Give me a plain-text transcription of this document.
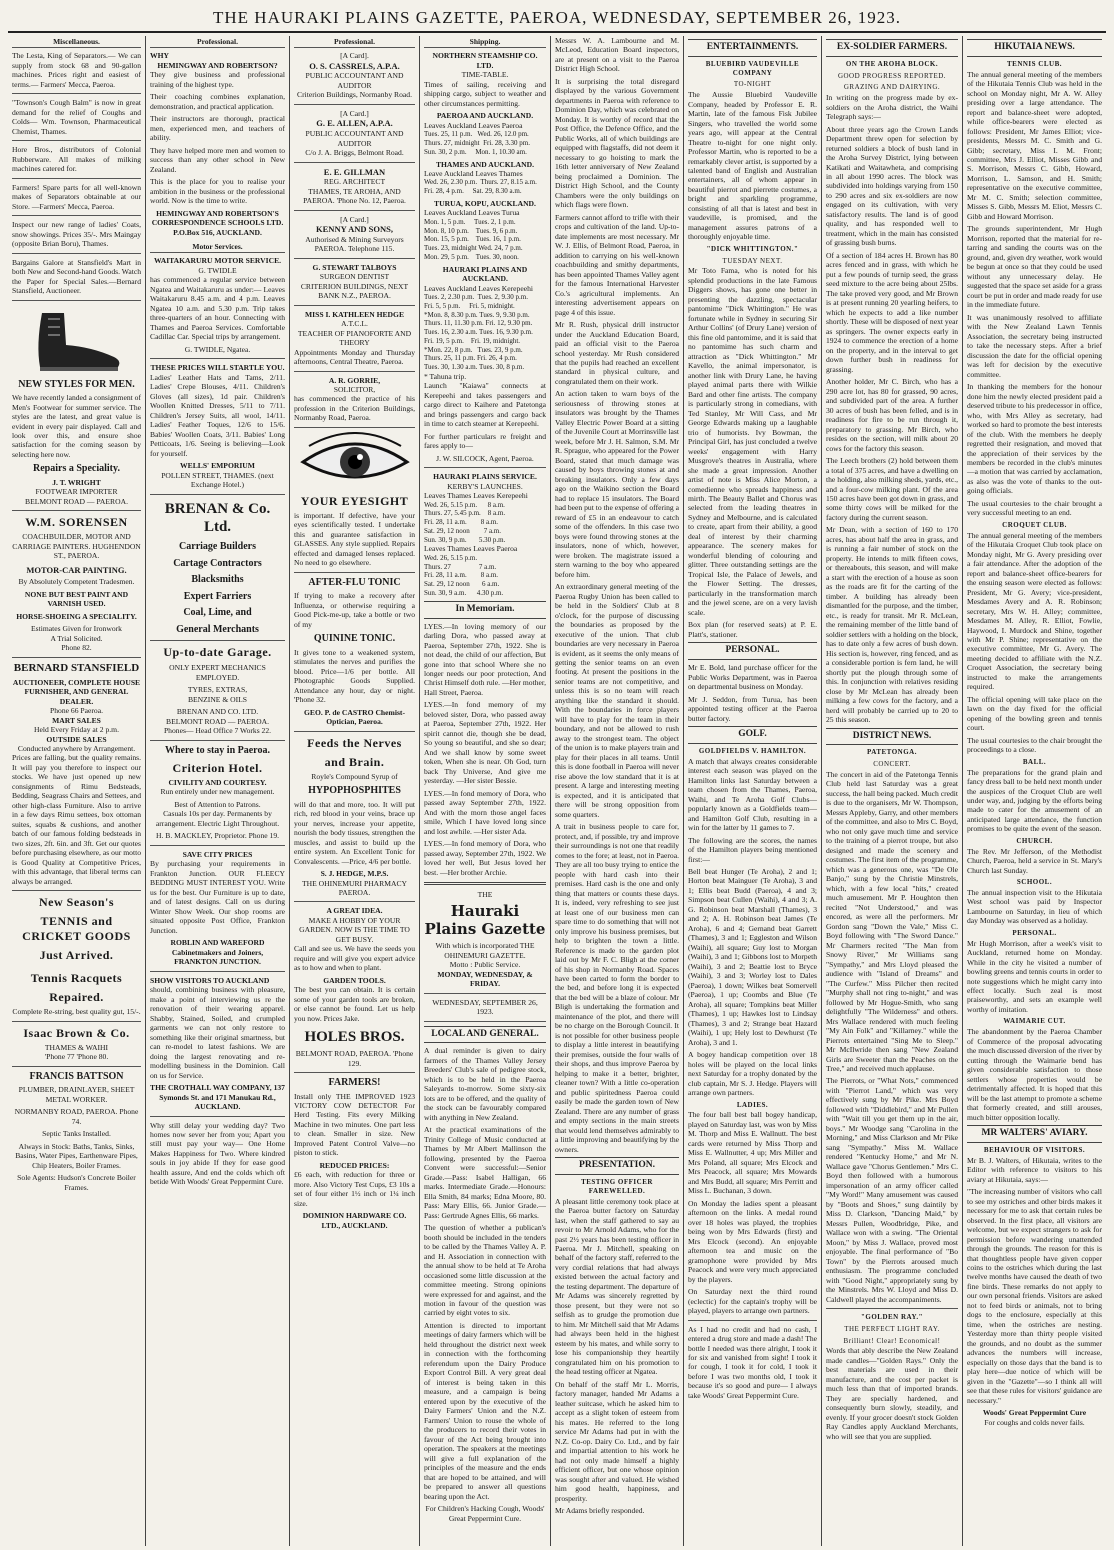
THE HAURAKI PLAINS GAZETTE, PAEROA, WEDNESDAY, SEPTEMBER 26, 1923.
Miscellaneous.

The Lesta, King of Separators.— We can supply from stock 68 and 90-gallon machines. Prices right and easiest of terms.— Farmers' Mecca, Paeroa.

"Townson's Cough Balm" is now in great demand for the relief of Coughs and Colds— Wm. Townson, Pharmaceutical Chemist, Thames.

Hore Bros., distributors of Colonial Rubberware. All makes of milking machines catered for.

Farmers! Spare parts for all well-known makes of Separators obtainable at our Store. —Farmers' Mecca, Paeroa.

Inspect our new range of ladies' Coats, snow showings. Prices 35/-. Mrs Maingay (opposite Brian Boru), Thames.

Bargains Galore at Stansfield's Mart in both New and Second-hand Goods. Watch the Paper for Special Sales.—Bernard Stansfield, Auctioneer.

NEW STYLES FOR MEN.

We have recently landed a consignment of Men's Footwear for summer service. The styles are the latest, and great value is evident in every pair displayed. Call and look over this, and ensure shoe satisfaction for the coming season by selecting here now.

Repairs a Speciality.
J. T. WRIGHT
FOOTWEAR IMPORTER
BELMONT ROAD — PAEROA.
W.M. SORENSEN
COACHBUILDER, MOTOR AND CARRIAGE PAINTERS. HUGHENDON ST., PAEROA.
MOTOR-CAR PAINTING.
By Absolutely Competent Tradesmen.
NONE BUT BEST PAINT AND VARNISH USED.
HORSE-SHOEING A SPECIALITY.
Estimates Given for Ironwork
A Trial Solicited.
Phone 82.
BERNARD STANSFIELD
AUCTIONEER, COMPLETE HOUSE FURNISHER, AND GENERAL DEALER.
Phone 66 Paeroa.
MART SALES
Held Every Friday at 2 p.m.
OUTSIDE SALES
Conducted anywhere by Arrangement.

Prices are falling, but the quality remains. It will pay you therefore to inspect our stocks. We have just opened up new consignments of Rimu Bedsteads, Bedding, Seagrass Chairs and Settees, and other high-class Furniture. Also to arrive in a few days Rimu settees, box ottoman suites, squabs & cushions, and another batch of our famous folding bedsteads in two sizes, 2ft. 6in. and 3ft. Get our quotes before purchasing elsewhere, as our motto is Good Quality at Competitive Prices, with this advantage, that liberal terms can always be arranged.

New Season's
TENNIS and CRICKET GOODS
Just Arrived.
Tennis Racquets
Repaired.
Complete Re-string, best quality gut, 15/-.
Isaac Brown & Co.
THAMES & WAIHI
'Phone 77 'Phone 80.
FRANCIS BATTSON
PLUMBER, DRAINLAYER, SHEET METAL WORKER.
NORMANBY ROAD, PAEROA. Phone 74.
Septic Tanks Installed.
Always in Stock: Baths, Tanks, Sinks, Basins, Water Pipes, Earthenware Pipes, Chip Heaters, Boiler Frames.
Sole Agents: Hudson's Concrete Boiler Frames.
Professional.
WHY
HEMINGWAY AND ROBERTSON?

They give business and professional training of the highest type.

Their coaching combines explanation, demonstration, and practical application.

Their instructors are thorough, practical men, experienced men, and teachers of ability.

They have helped more men and women to success than any other school in New Zealand.

This is the place for you to realise your ambition in the business or the professional world. Now is the time to write.

HEMINGWAY AND ROBERTSON'S CORRESPONDENCE SCHOOLS LTD. P.O.Box 516, AUCKLAND.
Motor Services.
WAITAKARURU MOTOR SERVICE.
G. TWIDLE

has commenced a regular service between Ngatea and Waitakaruru as under:— Leaves Waitakaruru 8.45 a.m. and 4 p.m. Leaves Ngatea 10 a.m. and 5.30 p.m. Trip takes three-quarters of an hour. Connecting with Thames and Paeroa Services. Comfortable Cadillac Car. Special trips by arrangement.

G. TWIDLE, Ngatea.
THESE PRICES WILL STARTLE YOU.

Ladies' Leather Hats and Tams, 2/11. Ladies' Crepe Blouses, 4/11. Children's Gloves (all sizes), 1d pair. Children's Woollen Knitted Dresses, 5/11 to 7/11. Children's Jersey Suits, all wool, 14/11. Ladies' Feather Toques, 12/6 to 15/6. Babies' Woollen Coats, 3/11. Babies' Long Petticoats, 1/6. Seeing is believing—Look for yourself.

WELLS' EMPORIUM
POLLEN STREET, THAMES. (next Exchange Hotel.)
BRENAN & Co. Ltd.
Carriage Builders
Cartage Contractors
Blacksmiths
Expert Farriers
Coal, Lime, and
General Merchants
Up-to-date Garage.
ONLY EXPERT MECHANICS EMPLOYED.
TYRES, EXTRAS,
BENZINE & OILS
BRENAN AND CO. LTD.
BELMONT ROAD — PAEROA.
Phones— Head Office 7 Works 22.
Where to stay in Paeroa.
Criterion Hotel.
CIVILITY AND COURTESY.
Run entirely under new management.
Best of Attention to Patrons.
Casuals 10s per day. Permanents by arrangement. Electric Light Throughout.
H. B. MACKLEY, Proprietor. Phone 19.
SAVE CITY PRICES

By purchasing your requirements in Frankton Junction. OUR FLEECY BEDDING MUST INTEREST YOU. Write us for the best. Our Furniture is up to date, and of latest designs. Call on us during Winter Show Week. Our shop rooms are situated opposite Post Office, Frankton Junction.

ROBLIN AND WAREFORD Cabinetmakers and Joiners, FRANKTON JUNCTION.
SHOW VISITORS TO AUCKLAND

should, combining business with pleasure, make a point of interviewing us re the renovation of their wearing apparel. Shabby, Stained, Soiled, and crumpled garments we can not only restore to something like their original smartness, but can re-model to latest fashions. We are doing the largest renovating and re-modelling business in the Dominion. Call on us for Service.

THE CROTHALL WAY COMPANY, 137 Symonds St. and 171 Manukau Rd., AUCKLAND.

Why still delay your wedding day? Two homes now sever her from you; Apart you still must pay your way— One Home Makes Happiness for Two. Where kindred souls in joy abide If they for ease good health assure, And end the colds which oft betide With Woods' Great Peppermint Cure.

Professional.
[A Card].
O. S. CASSRELS, A.P.A.
PUBLIC ACCOUNTANT AND AUDITOR
Criterion Buildings, Normanby Road.
[A Card.]
G. E. ALLEN, A.P.A.
PUBLIC ACCOUNTANT AND AUDITOR
C/o J. A. Briggs, Belmont Road.
E. E. GILLMAN
REG. ARCHITECT
THAMES, TE AROHA, AND PAEROA. 'Phone No. 12, Paeroa.
[A Card.]
KENNY AND SONS,
Authorised & Mining Surveyors PAEROA. Telephone 115.
G. STEWART TALBOYS
SURGEON DENTIST
CRITERION BUILDINGS, NEXT BANK N.Z., PAEROA.
MISS I. KATHLEEN HEDGE
A.T.C.L.
TEACHER OF PIANOFORTE AND THEORY

Appointments Monday and Thursday afternoons, Central Theatre, Paeroa.

A. R. GORRIE,
SOLICITOR,

has commenced the practice of his profession in the Criterion Buildings, Normanby Road, Paeroa.

YOUR EYESIGHT

is important. If defective, have your eyes scientifically tested. I undertake this and guarantee satisfaction in GLASSES. Any style supplied. Repairs effected and damaged lenses replaced. No need to go elsewhere.

AFTER-FLU TONIC

If trying to make a recovery after Influenza, or otherwise requiring a Good Pick-me-up, take a bottle or two of my

QUININE TONIC.

It gives tone to a weakened system, stimulates the nerves and purifies the blood. Price—1/6 per bottle. All Photographic Goods Supplied. Attendance any hour, day or night. 'Phone 32.

GEO. P. de CASTRO Chemist-Optician, Paeroa.
Feeds the Nerves
and Brain.
Royle's Compound Syrup of
HYPOPHOSPHITES

will do that and more, too. It will put rich, red blood in your veins, brace up your nerves, increase your appetite, nourish the body tissues, strengthen the muscles, and assist to build up the entire system. An Excellent Tonic for Convalescents. —Price, 4/6 per bottle.

S. J. HEDGE, M.P.S.
THE OHINEMURI PHARMACY PAEROA.
A GREAT IDEA.
MAKE A HOBBY OF YOUR GARDEN. NOW IS THE TIME TO GET BUSY.

Call and see us. We have the seeds you require and will give you expert advice as to how and when to plant.

GARDEN TOOLS.

The best you can obtain. It is certain some of your garden tools are broken, or else cannot be found. Let us help you now. Prices Jake.

HOLES BROS.
BELMONT ROAD, PAEROA. 'Phone 129.
FARMERS!

Install only THE IMPROVED 1923 VICTORY COW DETECTOR For Herd Testing. Fits every Milking Machine in two minutes. One part less to clean. Smaller in size. New Improved Patent Control Valve—no piston to stick.

REDUCED PRICES:

£6 each, with reduction for three or more. Also Victory Test Cups, £3 10s a set of four either 1½ inch or 1¼ inch size.

DOMINION HARDWARE CO. LTD., AUCKLAND.
Shipping.
NORTHERN STEAMSHIP CO. LTD.
TIME-TABLE.

Times of sailing, receiving and shipping cargo, subject to weather and other circumstances permitting.

PAEROA AND AUCKLAND.
Leaves Auckland Leaves Paeroa
Tues. 25, 11 p.m.   Wed. 26, 12.0 pm.
Thurs. 27, midnight  Fri. 28, 3.30 pm.
Sun. 30, 2 p.m.     Mon. 1, 10.30 am.
THAMES AND AUCKLAND.
Leave Auckland Leaves Thames
Wed. 26, 2.30 p.m.  Thurs. 27, 8.15 a.m.
Fri. 28, 4 p.m.     Sat. 29, 8.30 a.m.
TURUA, KOPU, AUCKLAND.
Leaves Auckland Leaves Turua
Mon. 1, 5 p.m.     Tues. 2, 1 p.m.
Mon. 8, 10 p.m.    Tues. 9, 6 p.m.
Mon. 15, 5 p.m.    Tues. 16, 1 p.m.
Tues. 23, midnight Wed. 24, 7 p.m.
Mon. 29, 5 p.m.    Tues. 30, noon.
HAURAKI PLAINS AND AUCKLAND.
Leaves Auckland Leaves Kerepeehi
Tues. 2, 2.30 p.m.  Tues. 2, 9.30 p.m.
Fri. 5, 5 p.m.     Fri. 5, midnight.
*Mon. 8, 8.30 p.m. Tues. 9, 9.30 p.m.
Thurs. 11, 11.30 p.m. Fri. 12, 9.30 pm.
Tues. 16, 2.30 a.m. Tues. 16, 9.30 p.m.
Fri. 19, 5 p.m.    Fri. 19, midnight.
*Mon. 22, 8 p.m.   Tues. 23, 9 p.m.
Thurs. 25, 11 p.m. Fri. 26, 4 p.m.
Tues. 30, 1.30 a.m. Tues. 30, 8 p.m.
* Tahuna trip.

Launch "Kaiawa" connects at Kerepeehi and takes passengers and cargo direct to Kaihere and Patetonga and brings passengers and cargo back in time to catch steamer at Kerepeehi.

For further particulars re freight and fares apply to—

J. W. SILCOCK, Agent, Paeroa.
HAURAKI PLAINS SERVICE.
KERBY'S LAUNCHES.
Leaves Thames Leaves Kerepeehi
Wed. 26, 5.15 p.m.      8 a.m.
Thurs. 27, 5.45 p.m.    8 a.m.
Fri. 28, 11 a.m.        8 a.m.
Sat. 29, 12 noon        7 a.m.
Sun. 30, 9 p.m.       5.30 p.m.
Leaves Thames Leaves Paeroa
Wed. 26, 5.15 p.m.
Thurs. 27                7 a.m.
Fri. 28, 11 a.m.        8 a.m.
Sat. 29, 12 noon       6 a.m.
Sun. 30, 9 a.m.      4.30 p.m.
In Memoriam.

LYES.—In loving memory of our darling Dora, who passed away at Paeroa, September 27th, 1922. She is not dead, the child of our affection, But gone into that school Where she no longer needs our poor protection, And Christ Himself doth rule. —Her mother, Hall Street, Paeroa.

LYES.—In fond memory of my beloved sister, Dora, who passed away at Paeroa, September 27th, 1922. Her spirit cannot die, though she be dead, So young so beautiful, and she so dear; And we shall know by some sweet token, When she is near. Oh God, turn back Thy Universe, And give me yesterday. —Her sister Bessie.

LYES.—In fond memory of Dora, who passed away September 27th, 1922. And with the morn those angel faces smile, Which I have loved long since and lost awhile. —Her sister Ada.

LYES.—In fond memory of Dora, who passed away, September 27th, 1922. We loved her well, But Jesus loved her best. —Her brother Archie.

THE
Hauraki Plains Gazette
With which is incorporated THE OHINEMURI GAZETTE.
Motto : Public Service.
MONDAY, WEDNESDAY, & FRIDAY.
WEDNESDAY, SEPTEMBER 26, 1923.
LOCAL AND GENERAL.

A dual reminder is given to dairy farmers of the Thames Valley Jersey Breeders' Club's sale of pedigree stock, which is to be held in the Paeroa Saleyards to-morrow. Some sixty-six lots are to be offered, and the quality of the stock can be favourably compared with anything in New Zealand.

At the practical examinations of the Trinity College of Music conducted at Thames by Mr Albert Mallinson the following, presented by the Paeroa Convent were successful:—Senior Grade.—Pass: Isabel Halligan, 66 marks. Intermediate Grade.—Honours: Ella Smith, 84 marks; Edna Moore, 80. Pass: Mary Ellis, 66. Junior Grade.—Pass: Gertrude Agnes Ellis, 66 marks.

The question of whether a publican's booth should be included in the tenders to be called by the Thames Valley A. P. and H. Association in connection with the annual show to be held at Te Aroha occasioned some little discussion at the committee meeting. Strong opinions were expressed for and against, and the motion in favour of the question was carried by eight votes to six.

Attention is directed to important meetings of dairy farmers which will be held throughout the district next week in connection with the forthcoming referendum upon the Dairy Produce Export Control Bill. A very great deal of interest is being taken in this measure, and a campaign is being entered upon by the executive of the Dairy Farmers' Union and the N.Z. Farmers' Union to rouse the whole of the producers to record their votes in favour of the Act being brought into operation. The speakers at the meetings will give a full explanation of the principles of the measure and the ends that are hoped to be attained, and will be prepared to answer all questions bearing upon the Act.

For Children's Hacking Cough, Woods' Great Peppermint Cure.

Messrs W. A. Lambourne and M. McLeod, Education Board inspectors, are at present on a visit to the Paeroa District High School.

It is surprising the total disregard displayed by the various Government departments in Paeroa with reference to Dominion Day, which was celebrated on Monday. It is worthy of record that the Post Office, the Defence Office, and the Public Works, all of which buildings are equipped with flagstaffs, did not deem it necessary to go hoisting to mark the 16th letter anniversary of New Zealand being proclaimed a Dominion. The District High School, and the County Chambers were the only buildings on which flags were flown.

Farmers cannot afford to trifle with their crops and cultivation of the land. Up-to-date implements are most necessary. Mr W. J. Ellis, of Belmont Road, Paeroa, in addition to carrying on his well-known coachbuilding and smithy departments, has been appointed Thames Valley agent for the famous International Harvester Co.'s agricultural implements. An interesting advertisement appears on page 4 of this issue.

Mr R. Rush, physical drill instructor under the Auckland Education Board, paid an official visit to the Paeroa school yesterday. Mr Rush considered that the pupils had reached an excellent standard in physical culture, and congratulated them on their work.

An action taken to warn boys of the seriousness of throwing stones at insulators was brought by the Thames Valley Electric Power Board at a sitting of the Juvenile Court at Morrinsville last week, before Mr J. H. Salmon, S.M. Mr R. Sprague, who appeared for the Power Board, stated that much damage was caused by boys throwing stones at and breaking insulators. Only a few days ago on the Waikino section the Board had to replace 15 insulators. The Board had been put to the expense of offering a reward of £5 in an endeavour to catch some of the offenders. In this case two boys were found throwing stones at the insulators, none of which, however, were broken. The magistrate issued a stern warning to the boy who appeared before him.

An extraordinary general meeting of the Paeroa Rugby Union has been called to be held in the Soldiers' Club at 8 o'clock, for the purpose of discussing the boundaries as proposed by the executive of the union. That club boundaries are very necessary in Paeroa is evident, as it seems the only means of getting the senior teams on an even footing. At present the positions in the senior teams are not competitive, and unless this is so no team will reach anything like the standard it should. With the boundaries in force players will have to play for the team in their boundary, and not be allowed to rush away to the strongest team. The object of the union is to make players train and play for their places in all teams. Until this is done football in Paeroa will never rise above the low standard that it is at present. A large and interesting meeting is expected, and it is anticipated that there will be strong opposition from some quarters.

A trait in business people to care for, protect, and, if possible, try and improve their surroundings is not one that readily comes to the fore; at least, not in Paeroa. They are all too busy trying to entice the people with hard cash into their premises. Hard cash is the one and only thing that matters or counts these days. It is, indeed, very refreshing to see just at least one of our business men can spare time to do something that will not only improve his business premises, but help to brighten the town a little. Reference is made to the garden plot laid out by Mr F. C. Bligh at the corner of his shop in Normanby Road. Spaces have been carted to form the border to the bed, and before long it is expected that the bed will be a blaze of colour. Mr Bligh is undertaking the formation and maintenance of the plot, and there will be no charge on the Borough Council. It is not possible for other business people to display a little interest in beautifying their premises, outside the four walls of their shops, and thus improve Paeroa by helping to make it a better, brighter, cleaner town? With a little co-operation and public spiritedness Paeroa could easily be made the garden town of New Zealand. There are any number of grass and empty sections in the main streets that would lend themselves admirably to a little improving and beautifying by the owners.

PRESENTATION.
TESTING OFFICER FAREWELLED.

A pleasant little ceremony took place at the Paeroa butter factory on Saturday last, when the staff gathered to say au revoir to Mr Arnold Adams, who for the past 2½ years has been testing officer in Paeroa. Mr J. Mitchell, speaking on behalf of the factory staff, referred to the very cordial relations that had always existed between the actual factory and the testing department. The departure of Mr Adams was sincerely regretted by those present, but they were not so selfish as to grudge the promotion due to him. Mr Mitchell said that Mr Adams had always been held in the highest esteem by his mates, and while sorry to lose his companionship they heartily congratulated him on his promotion to the head testing officer at Ngatea.

On behalf of the staff Mr L. Morris, factory manager, handed Mr Adams a leather suitcase, which he asked him to accept as a slight token of esteem from his mates. He referred to the long service Mr Adams had put in with the N.Z. Co-op. Dairy Co. Ltd., and by fair and impartial attention to his work he had not only made himself a highly efficient officer, but one whose opinion was sought after and valued. He wished him good health, happiness, and prosperity.

Mr Adams briefly responded.

ENTERTAINMENTS.
BLUEBIRD VAUDEVILLE COMPANY
TO-NIGHT

The Aussie Bluebird Vaudeville Company, headed by Professor E. R. Martin, late of the famous Fisk Jubilee Singers, who travelled the world some years ago, will appear at the Central Theatre to-night for one night only. Professor Martin, who is reported to be a remarkably clever artist, is supported by a talented band of English and Australian entertainers, all of whom appear in beautiful pierrot and pierrette costumes, a bright and sparkling programme, consisting of all that is latest and best in vaudeville, is promised, and the management assures patrons of a thoroughly enjoyable time.

"DICK WHITTINGTON."
TUESDAY NEXT.

Mr Toto Fama, who is noted for his splendid productions in the late Famous Diggers shows, has gone one better in presenting the dazzling, spectacular pantomime "Dick Whittington." He was fortunate while in Sydney in securing Sir Arthur Collins' (of Drury Lane) version of this fine old pantomime, and it is said that no pantomime has such charm and attraction as "Dick Whittington." Mr Kavello, the animal impersonator, is another link with Drury Lane, he having played animal parts there with Wilkie Bard and other fine artists. The company is particularly strong in comedians, with Ted Stanley, Mr Will Cass, and Mr George Edwards making up a laughable trio of humorists. Ivy Bowman, the Principal Girl, has just concluded a twelve weeks' engagement with Harry Musgrove's theatres in Australia, where she made a great impression. Another artist of note is Miss Alice Morton, a comedienne who spreads happiness and mirth. The Beauty Ballet and Chorus was selected from the leading theatres in Sydney and Melbourne, and is calculated to create, apart from their ability, a good deal of interest by their charming appearance. The scenery makes for wonderful blending of colouring and glitter. Three outstanding settings are the Tropical Isle, the Palace of Jewels, and the Flower Setting. The dresses, particularly in the transformation march and the jewel scene, are on a very lavish scale.

Box plan (for reserved seats) at P. E. Platt's, stationer.

PERSONAL.

Mr E. Bold, land purchase officer for the Public Works Department, was in Paeroa on departmental business on Monday.

Mr J. Seddon, from Turua, has been appointed testing officer at the Paeroa butter factory.

GOLF.
GOLDFIELDS V. HAMILTON.

A match that always creates considerable interest each season was played on the Hamilton links last Saturday between a team chosen from the Thames, Paeroa, Waihi, and Te Aroha Golf Clubs—popularly known as a Goldfields team—and Hamilton Golf Club, resulting in a win for the latter by 11 games to 7.

The following are the scores, the names of the Hamilton players being mentioned first:—

Bell beat Hunger (Te Aroha), 2 and 1; Horton beat Mainguer (Te Aroha), 3 and 1; Ellis beat Budd (Paeroa), 4 and 3; Simpson beat Cullen (Waihi), 4 and 3; A. G. Robinson beat Marshall (Thames), 3 and 2; A. H. Robinson beat James (Te Aroha), 6 and 4; Gernand beat Garrett (Thames), 3 and 1; Eggleston and Wilson (Waihi), all square; Guy lost to Morgan (Waihi), 3 and 1; Gibbons lost to Morpeth (Waihi), 3 and 2; Beattie lost to Bryce (Waihi), 3 and 3; Worley lost to Dales (Paeroa), 1 down; Wilkes beat Somervell (Paeroa), 1 up; Coombs and Blue (Te Aroha), all square; Tompkins beat Miller (Thames), 1 up; Hawkes lost to Lindsay (Thames), 3 and 2; Strange beat Hazard (Waihi), 1 up; Hely lost to Dewhurst (Te Aroha), 3 and 1.

A bogey handicap competition over 18 holes will be played on the local links next Saturday for a trophy donated by the club captain, Mr S. J. Hedge. Players will arrange own partners.

LADIES.

The four ball best ball bogey handicap, played on Saturday last, was won by Miss M. Thorp and Miss E. Wallnutt. The best cards were returned by Miss Thorp and Miss E. Wallnutter, 4 up; Mrs Miller and Mrs Poland, all square; Mrs Elcock and Mrs Peacock, all square; Mrs Mowards and Mrs Budd, all square; Mrs Perritt and Miss L. Buchanan, 3 down.

On Monday the ladies spent a pleasant afternoon on the links. A medal round over 18 holes was played, the trophies being won by Mrs Edwards (first) and Mrs Elcock (second). An enjoyable afternoon tea and music on the gramophone were provided by Mrs Peacock and were very much appreciated by the players.

On Saturday next the third round (eclectic) for the captain's trophy will be played, players to arrange own partners.

As I had no credit and had no cash, I entered a drug store and made a dash! The bottle I needed was there alright, I took it for six and vanished from sight! I took it for cough, I took it for cold, I took it before I was two months old, I took it because it's so good and pure— I always take Woods' Great Peppermint Cure.

EX-SOLDIER FARMERS.
ON THE AROHA BLOCK.
GOOD PROGRESS REPORTED.
GRAZING AND DAIRYING.

In writing on the progress made by ex-soldiers on the Aroha district, the Waihi Telegraph says:—

About three years ago the Crown Lands Department threw open for selection by returned soldiers a block of bush land in the Aroha Survey District, lying between Katikati and Waitawheta, and comprising in all about 1990 acres. The block was subdivided into holdings varying from 150 to 290 acres and six ex-soldiers are now engaged on its cultivation, with very satisfactory results. The land is of good quality, and has responded well to treatment, which in the main has consisted of grassing bush burns.

Of a section of 184 acres H. Brown has 80 acres fenced and in grass, with which he put a few pounds of turnip seed, the grass seed mixture to the acre being about 25lbs. The take proved very good, and Mr Brown is at present running 20 yearling heifers, to which he expects to add a like number shortly. These will be disposed of next year as springers. The owner expects early in 1924 to commence the erection of a home on the property, and in the interval to get down further bush in readiness for grassing.

Another holder, Mr C. Birch, who has a 290 acre lot, has 80 for grassed, 90 acres, and subdivided part of the area. A further 30 acres of bush has been felled, and is in readiness for fire to be run through it, preparatory to grassing. Mr Birch, who resides on the section, will milk about 20 cows for the factory this season.

The Leech brothers (2) hold between them a total of 375 acres, and have a dwelling on the holding, also milking sheds, yards, etc., and a four-cow milking plant. Of the area 150 acres have been got down in grass, and some thirty cows will be milked for the factory during the current season.

Mr Dean, with a section of 160 to 170 acres, has about half the area in grass, and is running a fair number of stock on the property. He intends to milk fifteen cows, or thereabouts, this season, and will make a start with the erection of a house as soon as the roads are fit for the carting of the timber. A building has already been dismantled for the purpose, and the timber, etc., is ready for transit. Mr R. McLean, the remaining member of the little band of soldier settlers with a holding on the block, has to date only a few acres of bush down. His section is, however, ring fenced, and as a considerable portion is fern land, he will shortly put the plough through some of this. In conjunction with relatives residing close by Mr McLean has already been milking a few cows for the factory, and a herd will probably be carried up to 20 to 25 this season.

DISTRICT NEWS.
PATETONGA.
CONCERT.

The concert in aid of the Patetonga Tennis Club held last Saturday was a great success, the hall being packed. Much credit is due to the organisers, Mr W. Thompson, Messrs Appleby, Garry, and other members of the committee, and also to Mrs C. Boyd, who not only gave much time and service to the training of a pierrot troupe, but also designed and made the scenery and costumes. The first item of the programme, which was a generous one, was "De Ole Banjo," sung by the Christie Minstrels, which, with a few local "hits," created much amusement. Mr P. Houghton then recited "Not Understood," and was encored, as were all the performers. Mr Gordon sang "Down the Vale," Miss C. Boyd following with "The Sword Dance." Mr Charmers recited "The Man from Snowy River," Mr Williams sang "Sympathy," and Mrs Lloyd pleased the audience with "Island of Dreams" and "The Curfew." Miss Pilcher then recited "Murphy shall not ring to-night," and was followed by Mr Hogue-Smith, who sang delightfully "The Wilderness" and others. Mrs Wallace rendered with much feeling "My Ain Folk" and "Killarney." while the Pierrots entertained "Sing Me to Sleep." Mr McIlwride then sang "New Zealand Girls are Sweeter than the Peaches on the Tree," and received much applause.

The Pierrots, or "What Nots," commenced with "Pierrot Land," which was very effectively sung by Mr Pike. Mrs Boyd followed with "Diddlebird," and Mr Pullen with "Wait till you get them up in the air, boys." Mr Woodge sang "Carolina in the Morning," and Miss Clarkson and Mr Pike sang "Sympathy." Miss M. Wallace rendered "Kentucky Home," and Mr N. Wallace gave "Chorus Gentlemen." Mrs C. Boyd then followed with a humorous impersonation of an army officer called "My Word!" Many amusement was caused by "Boots and Shoes," sung daintily by Miss D. Clarkson, "Dancing Maid," by Messrs Pullen, Woodbridge, Pike, and Wallace won with a swing. "The Oriental Moon," by Miss J. Wallace, proved most enjoyable. The final performance of "Bo Town" by the Pierrots aroused much enthusiasm. The programme concluded with "Good Night," appropriately sung by the Minstrels. Mrs W. Lloyd and Miss D. Caldwell played the accompaniments.

"GOLDEN RAY."
THE PERFECT LIGHT RAY.
Brilliant! Clear! Economical!

Words that ably describe the New Zealand made candles—"Golden Rays." Only the best materials are used in their manufacture, and the cost per packet is much less than that of imported brands. They are specially hardened, and consequently burn slowly, steadily, and evenly. If your grocer doesn't stock Golden Ray Candles apply Auckland Merchants, who will see that you are supplied.

HIKUTAIA NEWS.
TENNIS CLUB.

The annual general meeting of the members of the Hikutaia Tennis Club was held in the school on Monday night, Mr A. W. Alley presiding over a large attendance. The report and balance-sheet were adopted, while office-bearers were elected as follows: President, Mr James Elliot; vice-presidents, Messrs M. C. Smith and G. Gibb; secretary, Miss I. M. Front; committee, Mrs J. Elliot, Misses Gibb and S. Morrison, Messrs C. Gibb, Howard, Morrison, L. Samson, and H. Smith; representative on the executive committee, Mr M. C. Smith; selection committee, Misses S. Gibb, Messrs M. Eliot, Messrs C. Gibb and Howard Morrison.

The grounds superintendent, Mr Hugh Morrison, reported that the material for re-tarring and sanding the courts was on the ground, and, given dry weather, work would be begun at once so that they could be used without any unnecessary delay. He suggested that the space set aside for a grass court be put in order and made ready for use in the immediate future.

It was unanimously resolved to affiliate with the New Zealand Lawn Tennis Association, the secretary being instructed to take the necessary steps. After a brief discussion the date for the official opening was left for decision by the executive committee.

In thanking the members for the honour done him the newly elected president paid a deserved tribute to his predecessor in office, who, with Mrs Alley as secretary, had worked so hard to promote the best interests of the club. With the members he deeply regretted their resignation, and moved that the appreciation of their services by the members be recorded in the club's minutes—a motion that was carried by acclamation, as also was the vote of thanks to the out-going officials.

The usual courtesies to the chair brought a very successful meeting to an end.

CROQUET CLUB.

The annual general meeting of the members of the Hikutaia Croquet Club took place on Monday night, Mr G. Avery presiding over a fair attendance. After the adoption of the report and balance-sheet office-bearers for the ensuing season were elected as follows: President, Mr G. Avery; vice-president, Mesdames Avery and A. R. Robinson; secretary, Mrs W. H. Alley; committee, Mesdames M. Alley, R. Elliot, Fowlie, Haywood, I. Murdock and Shine, together with Mr P. Shine; representative on the executive committee, Mr G. Avery. The meeting decided to affiliate with the N.Z. Croquet Association, the secretary being instructed to make the arrangements required.

The official opening will take place on the lawn on the day fixed for the official opening of the bowling green and tennis court.

The usual courtesies to the chair brought the proceedings to a close.

BALL.

The preparations for the grand plain and fancy dress ball to be held next month under the auspices of the Croquet Club are well under way, and, judging by the efforts being made to cater for the amusement of an anticipated large attendance, the function promises to be quite the event of the season.

CHURCH.

The Rev. Mr Jefferson, of the Methodist Church, Paeroa, held a service in St. Mary's Church last Sunday.

SCHOOL.

The annual inspection visit to the Hikutaia West school was paid by Inspector Lambourne on Saturday, in lieu of which day Monday was observed as a holiday.

PERSONAL.

Mr Hugh Morrison, after a week's visit to Auckland, returned home on Monday. While in the city he visited a number of bowling greens and tennis courts in order to note suggestions which he might carry into effect locally. Such zeal is most praiseworthy, and sets an example well worthy of imitation.

WAIMARIE CUT.

The abandonment by the Paeroa Chamber of Commerce of the proposal advocating the much discussed diversion of the river by cutting through the Waimarie bend has given considerable satisfaction to those settlers whose properties would be detrimentally affected. It is hoped that this will be the last attempt to promote a scheme that formerly created, and still arouses, much bitter opposition locally.

MR WALTERS' AVIARY.
BEHAVIOUR OF VISITORS.

Mr B. J. Walters, of Hikutaia, writes to the Editor with reference to visitors to his aviary at Hikutaia, says:—

"The increasing number of visitors who call to see my ostriches and other birds makes it necessary for me to ask that certain rules be observed. In the first place, all visitors are welcome, but we expect strangers to ask for permission before wandering unattended through the grounds. The reason for this is that thoughtless people have given copper coins to the ostriches which during the last twelve months have caused the death of two fine birds. These remarks do not apply to our own personal friends. Visitors are asked not to feed birds or animals, not to bring dogs to the enclosure, especially at this time, when the ostriches are nesting. Yesterday more than thirty people visited the grounds, and no doubt as the summer advances the numbers will increase, especially on those days that the band is to play here—due notice of which will be given in the "Gazette"—so I think all will see that these rules for visitors' guidance are necessary."

Woods' Great Peppermint Cure
For coughs and colds never fails.
